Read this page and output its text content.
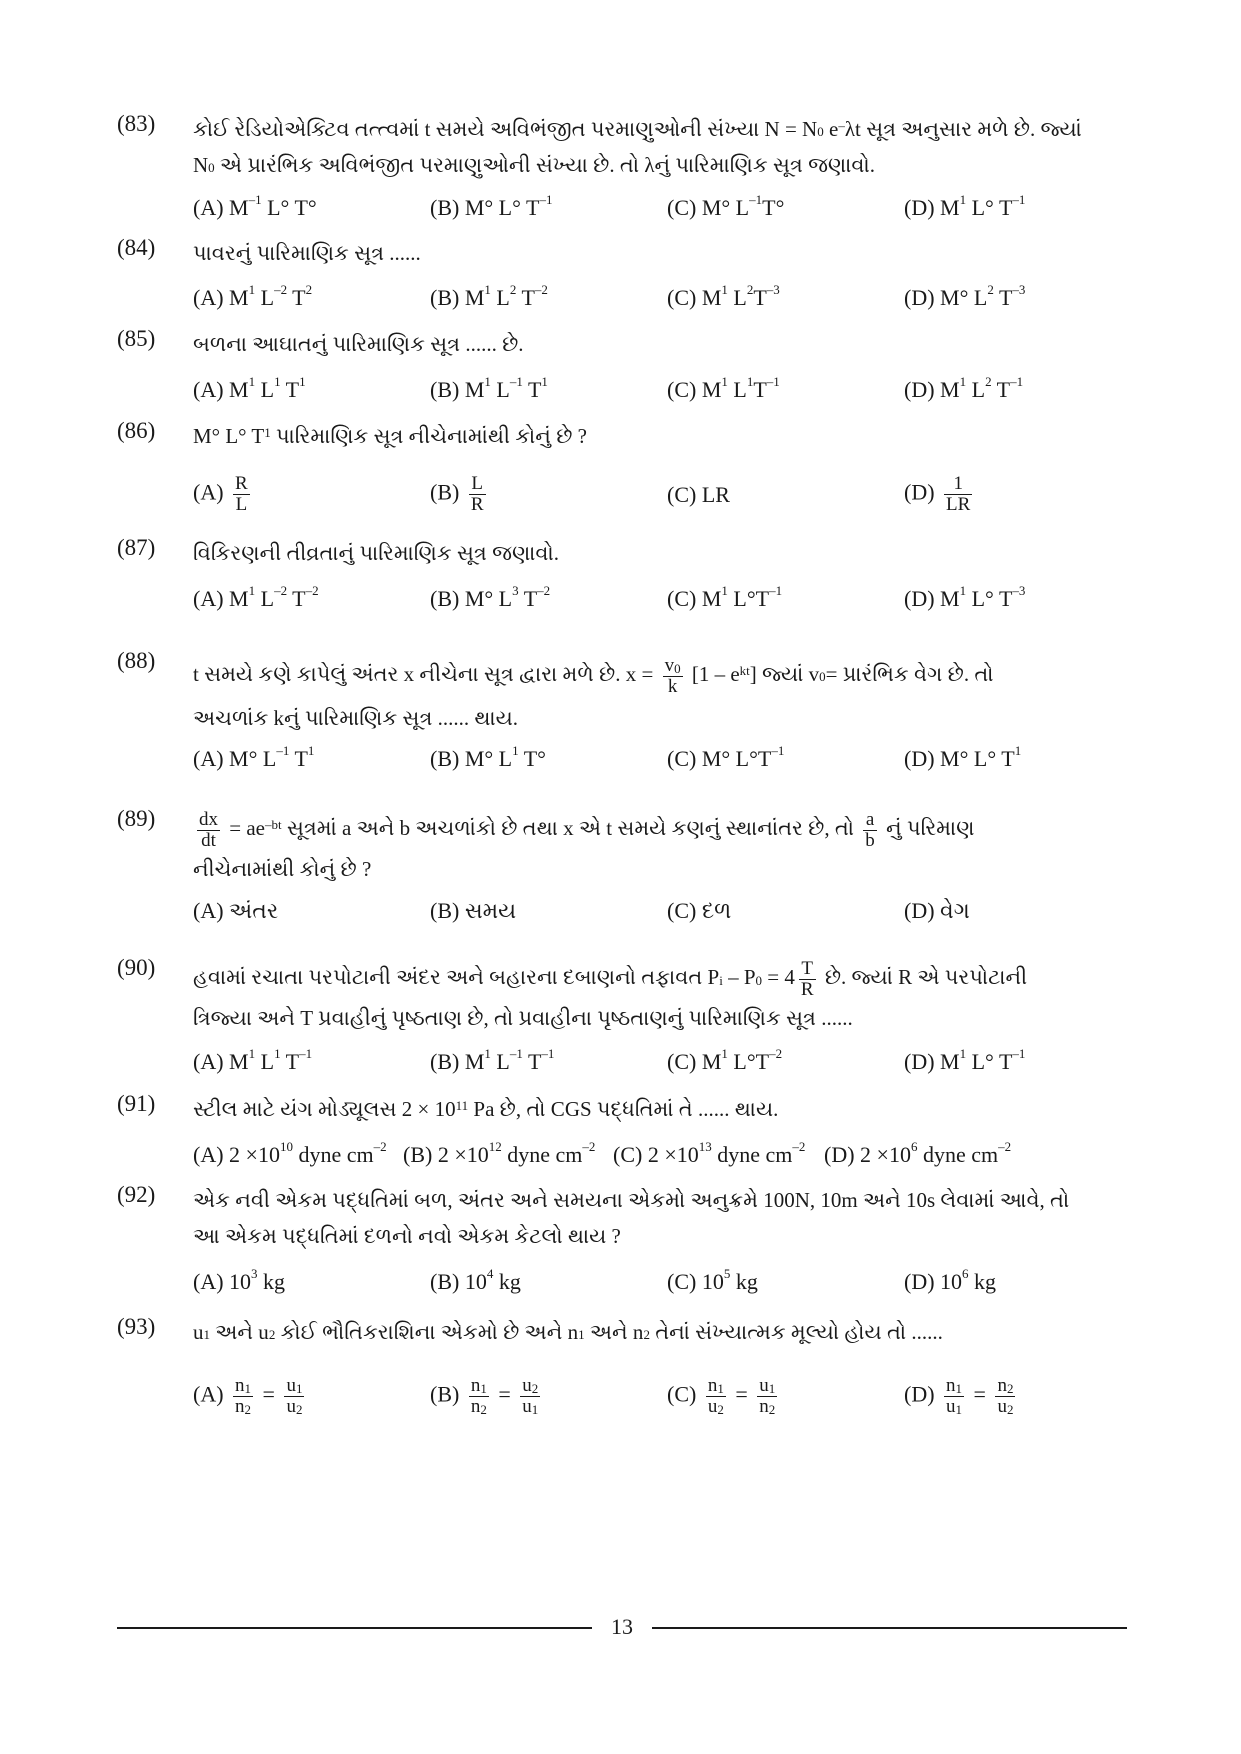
(83) કોઈ રેડિયોએક્ટિવ તત્ત્વમાં t સમયે અવિભંજીત પરમાણુઓની સંખ્યા $N = N_0$ e–λt સૂત્ર અનુસાર મળે છે. જ્યાં
$N_0$ એ પ્રારંભિક અવિભંજીત પરમાણુઓની સંખ્યા છે. તો λનું પારિમાણિક સૂત્ર જણાવો.
(A) $M^{-1}$ L° T°	(B) M° L° $T^{-1}$	(C) M° $L^{-1}T^\circ$	(D) $M^1$ L° $T^{-1}$
(84) પાવરનું પારિમાણિક સૂત્ર ......
(A) $M^1$ $L^{-2}$ $T^2$	(B) $M^1$ $L^2$ $T^{-2}$	(C) $M^1$ $L^2T^{-3}$	(D) M° $L^2$ $T^{-3}$
(85) બળના આઘાતનું પારિમાણિક સૂત્ર ...... છે.
(A) $M^1$ $L^1$ $T^1$	(B) $M^1$ $L^{-1}$ $T^1$	(C) $M^1$ $L^1T^{-1}$	(D) $M^1$ $L^2$ $T^{-1}$
(86) M° L° $T^1$ પારિમાણિક સૂત્ર નીચેનામાંથી કોનું છે ?
$(A) \frac{R}{L}$	$(B) \frac{L}{R}$	(C) LR	$(D) \frac{1}{LR}$
(87) વિકિરણની તીવ્રતાનું પારિમાણિક સૂત્ર જણાવો.
(A) $M^1$ $L^{-2}$ $T^{-2}$	(B) M° $L^3$ $T^{-2}$	(C) $M^1$ $L^\circ T^{-1}$	(D) $M^1$ L° $T^{-3}$
(88)
t સમયે કણે કાપેલું અંતર x નીચેના સૂત્ર દ્વારા મળે છે. $x = \frac{v_0}{k} [1 - e^{kt}]$ જ્યાં $v_0=$ પ્રારંભિક વેગ છે. તો
અચળાંક kનું પારિમાણિક સૂત્ર ...... થાય.
(A) M° $L^{-1}$ $T^1$	(B) M° $L^1$ T°	(C) M° $L^\circ T^{-1}$	(D) M° L° $T^1$
$(89) \frac{dx}{dt} = ae^{-bt}$ સૂત્રમાં a અને b અચળાંકો છે તથા x એ t સમયે કણનું સ્થાનાંતર છે, તો $\frac{a}{b}$ નું પરિમાણ
નીચેનામાંથી કોનું છે ?
(A) અંતર	(B) સમય	(C) દળ	(D) વેગ
(90) હવામાં રચાતા પરપોટાની અંદર અને બહારના દબાણનો તફાવત $P_i - P_0 = 4 \frac{T}{R}$ છે. જ્યાં R એ પરપોટાની
ત્રિજ્યા અને T પ્રવાહીનું પૃષ્ઠતાણ છે, તો પ્રવાહીના પૃષ્ઠતાણનું પારિમાણિક સૂત્ર ......
(A) $M^1$ $L^1$ $T^{-1}$	(B) $M^1$ $L^{-1}$ $T^{-1}$	(C) $M^1$ $L^\circ T^{-2}$	(D) $M^1$ L° $T^{-1}$
(91) સ્ટીલ માટે યંગ મોડ્યૂલસ $2 \times 10^{11}$ Pa છે, તો CGS પદ્ધતિમાં તે ...... થાય.
(A) $2 \times 10^{10}$ dyne $cm^{-2}$ (B) $2 \times 10^{12}$ dyne $cm^{-2}$ (C) $2 \times 10^{13}$ dyne $cm^{-2}$ (D) $2 \times 10^6$ dyne $cm^{-2}$
(92) એક નવી એકમ પદ્ધતિમાં બળ, અંતર અને સમયના એકમો અનુક્રમે 100N, 10m અને 10s લેવામાં આવે, તો
આ એકમ પદ્ધતિમાં દળનો નવો એકમ કેટલો થાય ?
(A) $10^3$ kg	(B) $10^4$ kg	(C) $10^5$ kg	(D) $10^6$ kg
(93) $u_1$ અને $u_2$ કોઈ ભૌતિકરાશિના એકમો છે અને $n_1$ અને $n_2$ તેનાં સંખ્યાત્મક મૂલ્યો હોય તો ......
$(A) \frac{n_1}{n_2} = \frac{u_1}{u_2}$	$(B) \frac{n_1}{n_2} = \frac{u_2}{u_1}$	$(C) \frac{n_1}{u_2} = \frac{u_1}{n_2}$	$(D) \frac{n_1}{u_1} = \frac{n_2}{u_2}$
13
